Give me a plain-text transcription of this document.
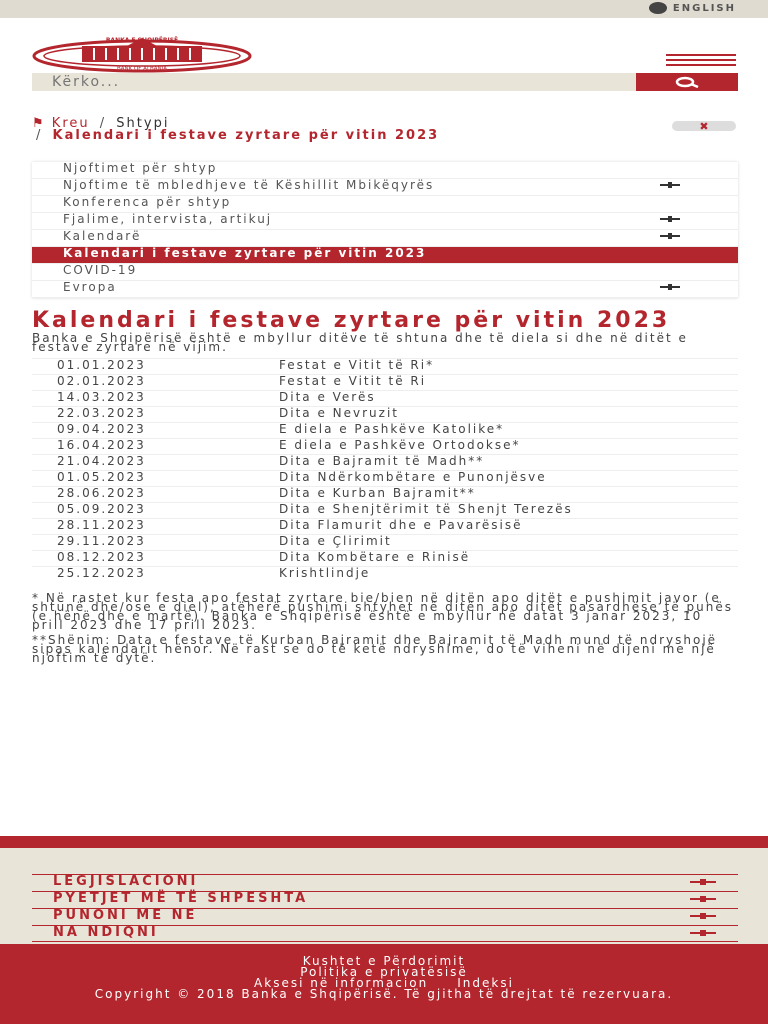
ENGLISH
BANKA E SHQIPËRISË
BANK OF ALBANIA
Kërko...
⚑ Kreu / Shtypi
/ Kalendari i festave zyrtare për vitin 2023
✖
Njoftimet për shtyp
Njoftime të mbledhjeve të Këshillit Mbikëqyrës
Konferenca për shtyp
Fjalime, intervista, artikuj
Kalendarë
Kalendari i festave zyrtare për vitin 2023
COVID-19
Evropa
Kalendari i festave zyrtare për vitin 2023
Banka e Shqipërisë është e mbyllur ditëve të shtuna dhe të diela si dhe në ditët e festave zyrtare në vijim.
01.01.2023	Festat e Vitit të Ri*
02.01.2023	Festat e Vitit të Ri
14.03.2023	Dita e Verës
22.03.2023	Dita e Nevruzit
09.04.2023	E diela e Pashkëve Katolike*
16.04.2023	E diela e Pashkëve Ortodokse*
21.04.2023	Dita e Bajramit të Madh**
01.05.2023	Dita Ndërkombëtare e Punonjësve
28.06.2023	Dita e Kurban Bajramit**
05.09.2023	Dita e Shenjtërimit të Shenjt Terezës
28.11.2023	Dita Flamurit dhe e Pavarësisë
29.11.2023	Dita e Çlirimit
08.12.2023	Dita Kombëtare e Rinisë
25.12.2023	Krishtlindje
* Në rastet kur festa apo festat zyrtare bie/bien në ditën apo ditët e pushimit javor (e shtunë dhe/ose e diel), atëherë pushimi shtyhet në ditën apo ditët pasardhëse të punës (e hënë dhe e martë). Banka e Shqipërisë është e mbyllur në datat 3 janar 2023, 10 prill 2023 dhe 17 prill 2023.
**Shënim: Data e festave të Kurban Bajramit dhe Bajramit të Madh mund të ndryshojë sipas kalendarit hënor. Në rast se do të ketë ndryshime, do të viheni në dijeni me një njoftim të dytë.
LEGJISLACIONI
PYETJET MË TË SHPESHTA
PUNONI ME NE
NA NDIQNI
Kushtet e Përdorimit
Politika e privatësisë
Aksesi në informacion Indeksi
Copyright © 2018 Banka e Shqipërisë. Të gjitha të drejtat të rezervuara.
